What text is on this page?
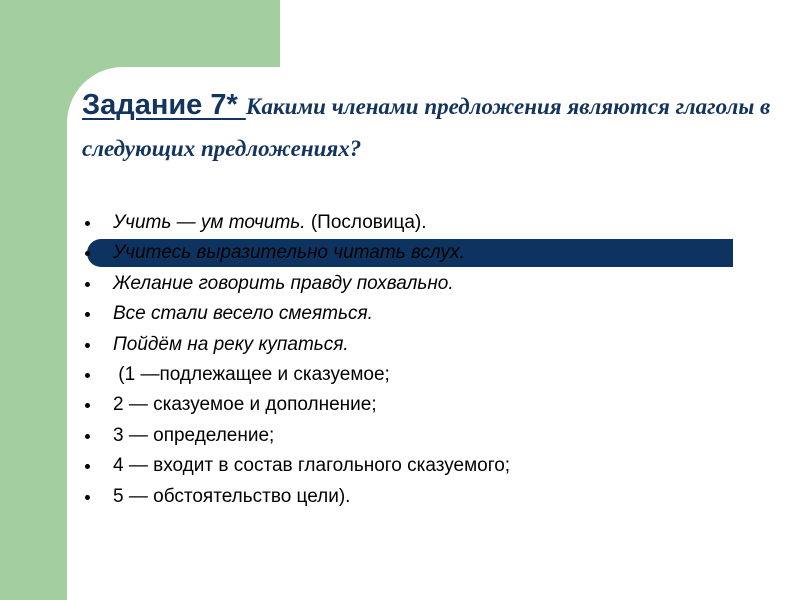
Задание 7* Какими членами предложения являются глаголы в следующих предложениях?
Учить — ум точить. (Пословица).
Учитесь выразительно читать вслух.
Желание говорить правду похвально.
Все стали весело смеяться.
Пойдём на реку купаться.
(1 —подлежащее и сказуемое;
2 — сказуемое и дополнение;
3 — определение;
4 — входит в состав глагольного сказуемого;
5 — обстоятельство цели).
